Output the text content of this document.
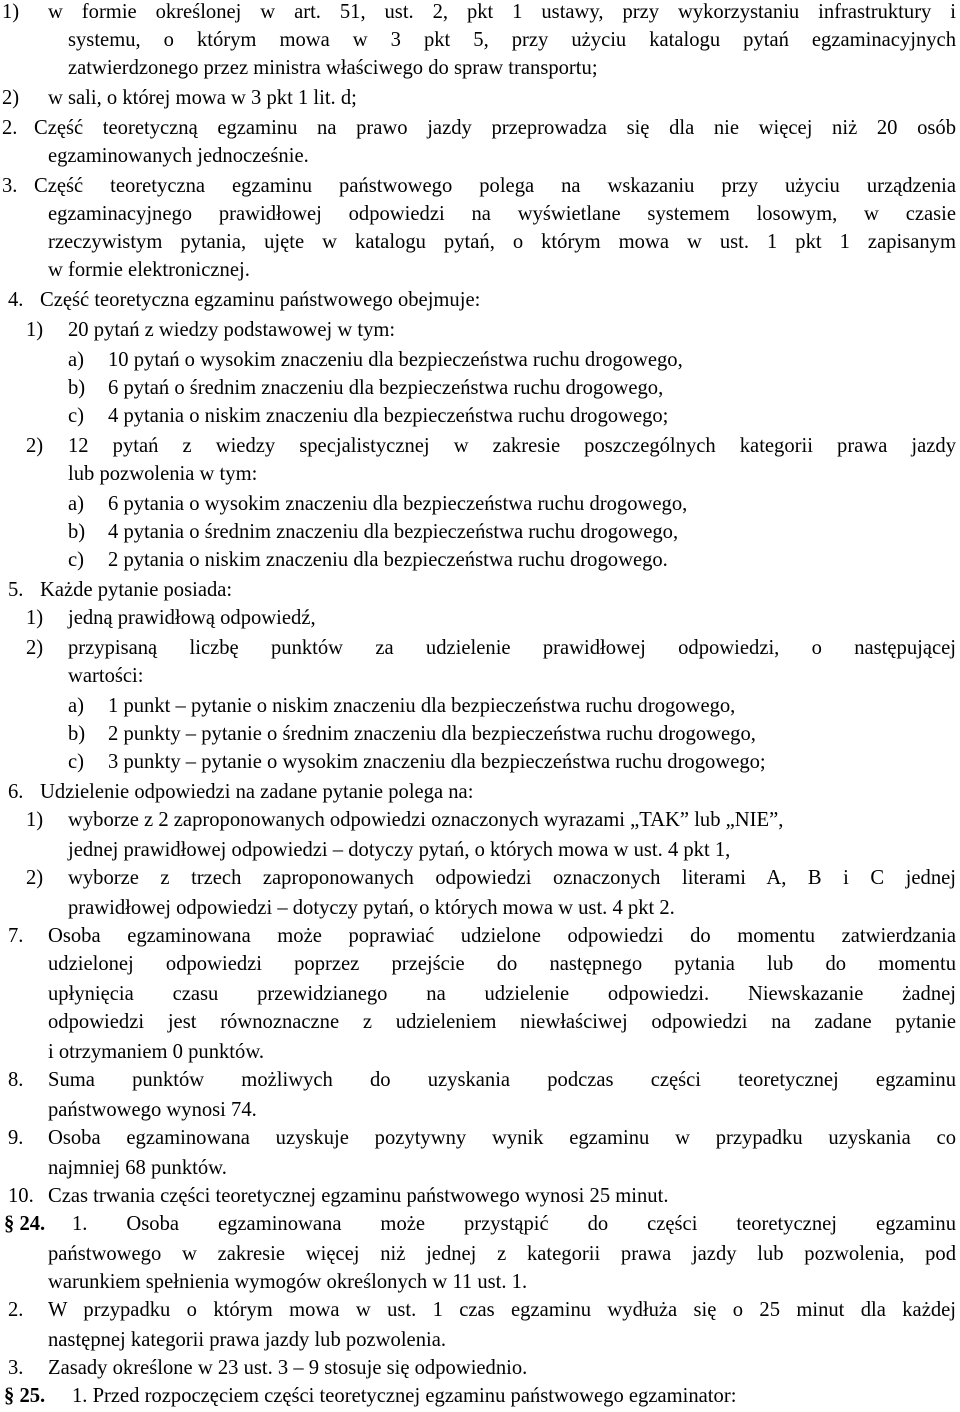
1) w formie określonej w art. 51, ust. 2, pkt 1 ustawy, przy wykorzystaniu infrastruktury i
systemu, o którym mowa w 3 pkt 5, przy użyciu katalogu pytań egzaminacyjnych
zatwierdzonego przez ministra właściwego do spraw transportu;
2) w sali, o której mowa w 3 pkt 1 lit. d;
2. Część teoretyczną egzaminu na prawo jazdy przeprowadza się dla nie więcej niż 20 osób
egzaminowanych jednocześnie.
3. Część teoretyczna egzaminu państwowego polega na wskazaniu przy użyciu urządzenia
egzaminacyjnego prawidłowej odpowiedzi na wyświetlane systemem losowym, w czasie
rzeczywistym pytania, ujęte w katalogu pytań, o którym mowa w ust. 1 pkt 1 zapisanym
w formie elektronicznej.
4. Część teoretyczna egzaminu państwowego obejmuje:
1) 20 pytań z wiedzy podstawowej w tym:
a) 10 pytań o wysokim znaczeniu dla bezpieczeństwa ruchu drogowego,
b) 6 pytań o średnim znaczeniu dla bezpieczeństwa ruchu drogowego,
c) 4 pytania o niskim znaczeniu dla bezpieczeństwa ruchu drogowego;
2) 12 pytań z wiedzy specjalistycznej w zakresie poszczególnych kategorii prawa jazdy
lub pozwolenia w tym:
a) 6 pytania o wysokim znaczeniu dla bezpieczeństwa ruchu drogowego,
b) 4 pytania o średnim znaczeniu dla bezpieczeństwa ruchu drogowego,
c) 2 pytania o niskim znaczeniu dla bezpieczeństwa ruchu drogowego.
5. Każde pytanie posiada:
1) jedną prawidłową odpowiedź,
2) przypisaną liczbę punktów za udzielenie prawidłowej odpowiedzi, o następującej
wartości:
a) 1 punkt – pytanie o niskim znaczeniu dla bezpieczeństwa ruchu drogowego,
b) 2 punkty – pytanie o średnim znaczeniu dla bezpieczeństwa ruchu drogowego,
c) 3 punkty – pytanie o wysokim znaczeniu dla bezpieczeństwa ruchu drogowego;
6. Udzielenie odpowiedzi na zadane pytanie polega na:
1) wyborze z 2 zaproponowanych odpowiedzi oznaczonych wyrazami „TAK” lub „NIE”,
jednej prawidłowej odpowiedzi – dotyczy pytań, o których mowa w ust. 4 pkt 1,
2) wyborze z trzech zaproponowanych odpowiedzi oznaczonych literami A, B i C jednej
prawidłowej odpowiedzi – dotyczy pytań, o których mowa w ust. 4 pkt 2.
7. Osoba egzaminowana może poprawiać udzielone odpowiedzi do momentu zatwierdzania
udzielonej odpowiedzi poprzez przejście do następnego pytania lub do momentu
upłynięcia czasu przewidzianego na udzielenie odpowiedzi. Niewskazanie żadnej
odpowiedzi jest równoznaczne z udzieleniem niewłaściwej odpowiedzi na zadane pytanie
i otrzymaniem 0 punktów.
8. Suma punktów możliwych do uzyskania podczas części teoretycznej egzaminu
państwowego wynosi 74.
9. Osoba egzaminowana uzyskuje pozytywny wynik egzaminu w przypadku uzyskania co
najmniej 68 punktów.
10. Czas trwania części teoretycznej egzaminu państwowego wynosi 25 minut.
§ 24. 1. Osoba egzaminowana może przystąpić do części teoretycznej egzaminu
państwowego w zakresie więcej niż jednej z kategorii prawa jazdy lub pozwolenia, pod
warunkiem spełnienia wymogów określonych w 11 ust. 1.
2. W przypadku o którym mowa w ust. 1 czas egzaminu wydłuża się o 25 minut dla każdej
następnej kategorii prawa jazdy lub pozwolenia.
3. Zasady określone w 23 ust. 3 – 9 stosuje się odpowiednio.
§ 25. 1. Przed rozpoczęciem części teoretycznej egzaminu państwowego egzaminator:
